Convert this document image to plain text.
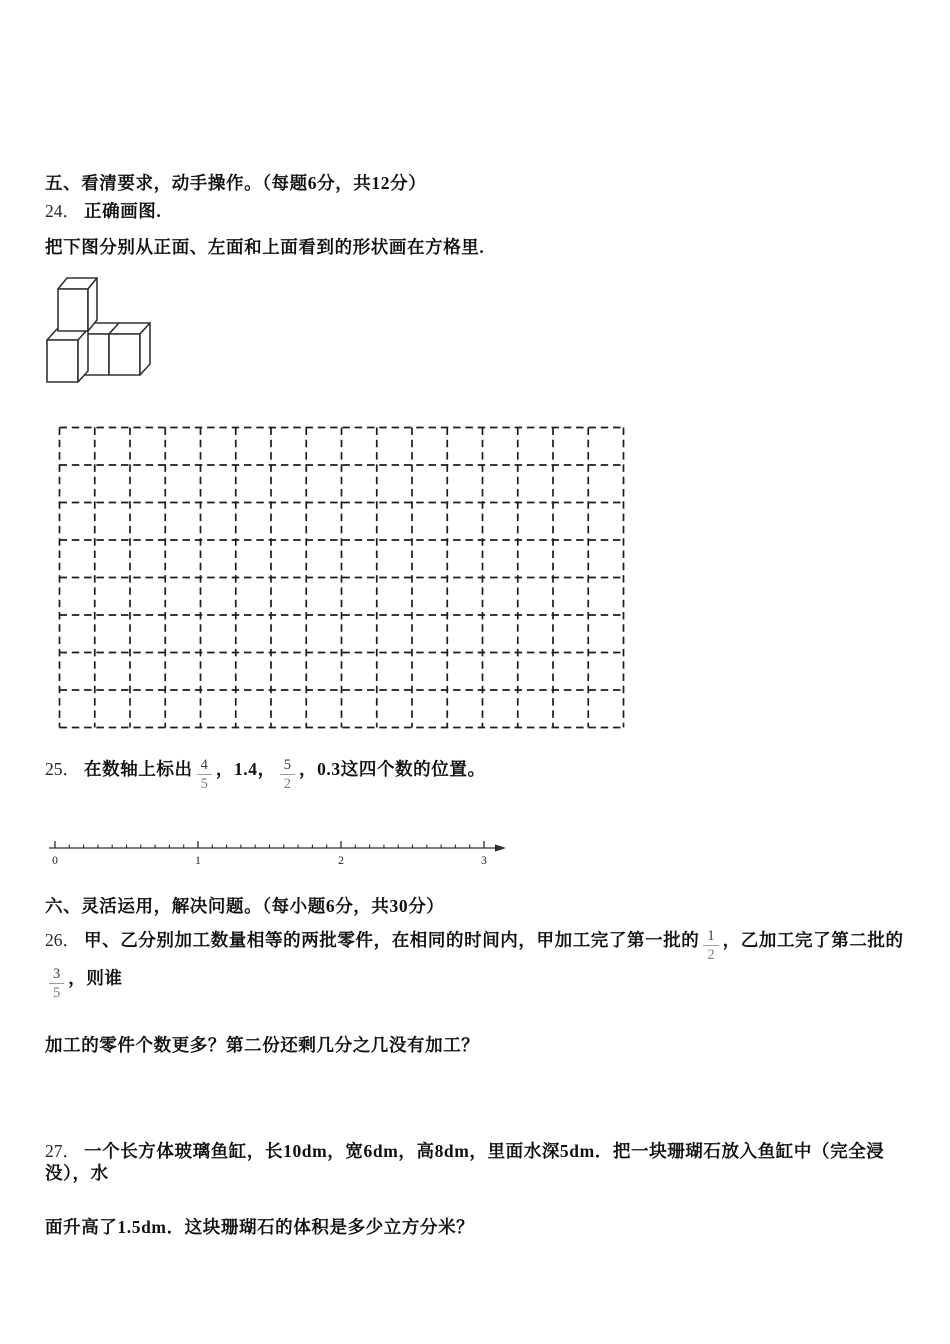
五、看清要求，动手操作。（每题6分，共12分）
24． 正确画图.
把下图分别从正面、左面和上面看到的形状画在方格里.
25． 在数轴上标出 $\frac{4}{5}$ ，1.4， $\frac{5}{2}$ ，0.3这四个数的位置。
0	1	2	3
六、灵活运用，解决问题。（每小题6分，共30分）
26． 甲、乙分别加工数量相等的两批零件，在相同的时间内，甲加工完了第一批的 $\frac{1}{2}$ ，乙加工完了第二批的
$\frac{3}{5}$ ，则谁
加工的零件个数更多？第二份还剩几分之几没有加工？
27． 一个长方体玻璃鱼缸，长10dm，宽6dm，高8dm，里面水深5dm．把一块珊瑚石放入鱼缸中（完全浸没），水
面升高了1.5dm．这块珊瑚石的体积是多少立方分米？
